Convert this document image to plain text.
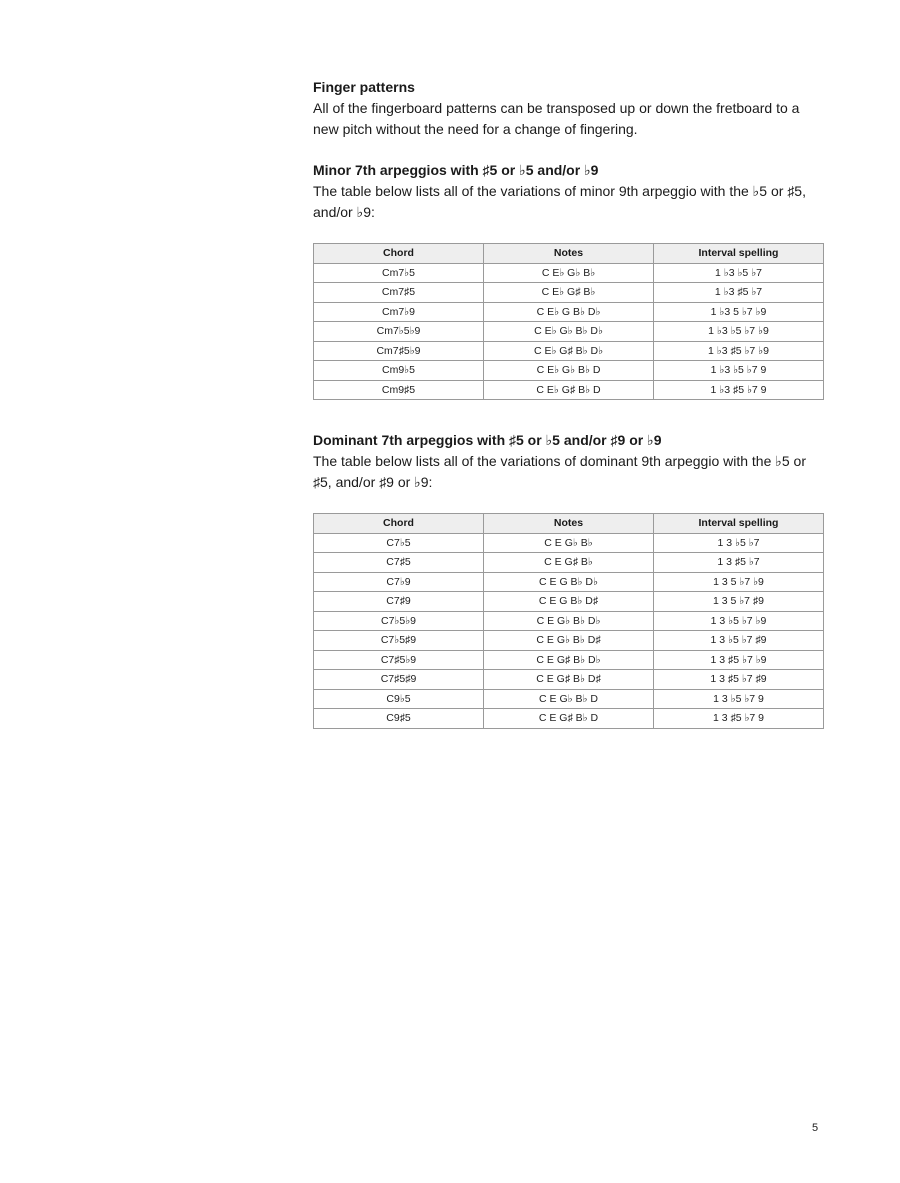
Finger patterns

All of the fingerboard patterns can be transposed up or down the fretboard to a new pitch without the need for a change of fingering.

Minor 7th arpeggios with ♯5 or ♭5 and/or ♭9

The table below lists all of the variations of minor 9th arpeggio with the ♭5 or ♯5, and/or ♭9:

Chord	Notes	Interval spelling
Cm7♭5	C E♭ G♭ B♭	1 ♭3 ♭5 ♭7
Cm7♯5	C E♭ G♯ B♭	1 ♭3 ♯5 ♭7
Cm7♭9	C E♭ G B♭ D♭	1 ♭3 5 ♭7 ♭9
Cm7♭5♭9	C E♭ G♭ B♭ D♭	1 ♭3 ♭5 ♭7 ♭9
Cm7♯5♭9	C E♭ G♯ B♭ D♭	1 ♭3 ♯5 ♭7 ♭9
Cm9♭5	C E♭ G♭ B♭ D	1 ♭3 ♭5 ♭7 9
Cm9♯5	C E♭ G♯ B♭ D	1 ♭3 ♯5 ♭7 9

Dominant 7th arpeggios with ♯5 or ♭5 and/or ♯9 or ♭9

The table below lists all of the variations of dominant 9th arpeggio with the ♭5 or ♯5, and/or ♯9 or ♭9:

Chord	Notes	Interval spelling
C7♭5	C E G♭ B♭	1 3 ♭5 ♭7
C7♯5	C E G♯ B♭	1 3 ♯5 ♭7
C7♭9	C E G B♭ D♭	1 3 5 ♭7 ♭9
C7♯9	C E G B♭ D♯	1 3 5 ♭7 ♯9
C7♭5♭9	C E G♭ B♭ D♭	1 3 ♭5 ♭7 ♭9
C7♭5♯9	C E G♭ B♭ D♯	1 3 ♭5 ♭7 ♯9
C7♯5♭9	C E G♯ B♭ D♭	1 3 ♯5 ♭7 ♭9
C7♯5♯9	C E G♯ B♭ D♯	1 3 ♯5 ♭7 ♯9
C9♭5	C E G♭ B♭ D	1 3 ♭5 ♭7 9
C9♯5	C E G♯ B♭ D	1 3 ♯5 ♭7 9
5
